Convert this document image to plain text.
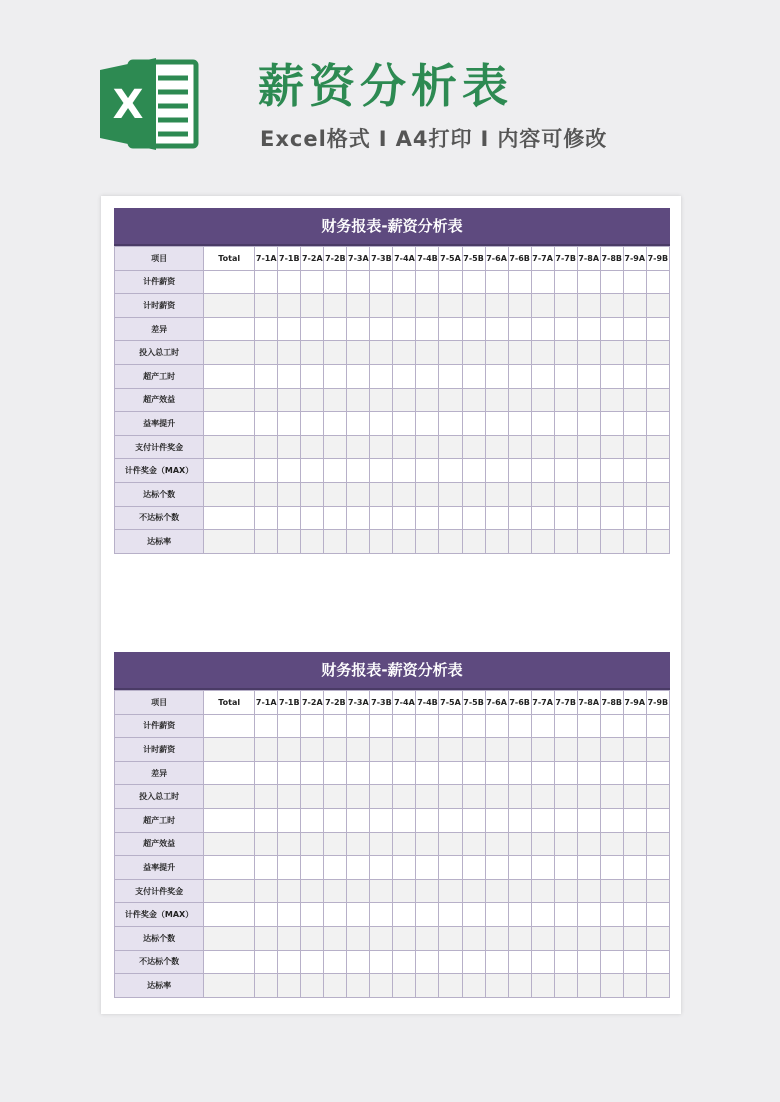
X 薪资分析表
Excel格式 I A4打印 I 内容可修改
财务报表-薪资分析表
项目	Total	7-1A	7-1B	7-2A	7-2B	7-3A	7-3B	7-4A	7-4B	7-5A	7-5B	7-6A	7-6B	7-7A	7-7B	7-8A	7-8B	7-9A	7-9B
计件薪资																			
计时薪资																			
差异																			
投入总工时																			
超产工时																			
超产效益																			
益率提升																			
支付计件奖金																			
计件奖金（MAX）																			
达标个数																			
不达标个数																			
达标率																			
财务报表-薪资分析表
项目	Total	7-1A	7-1B	7-2A	7-2B	7-3A	7-3B	7-4A	7-4B	7-5A	7-5B	7-6A	7-6B	7-7A	7-7B	7-8A	7-8B	7-9A	7-9B
计件薪资																			
计时薪资																			
差异																			
投入总工时																			
超产工时																			
超产效益																			
益率提升																			
支付计件奖金																			
计件奖金（MAX）																			
达标个数																			
不达标个数																			
达标率																			
